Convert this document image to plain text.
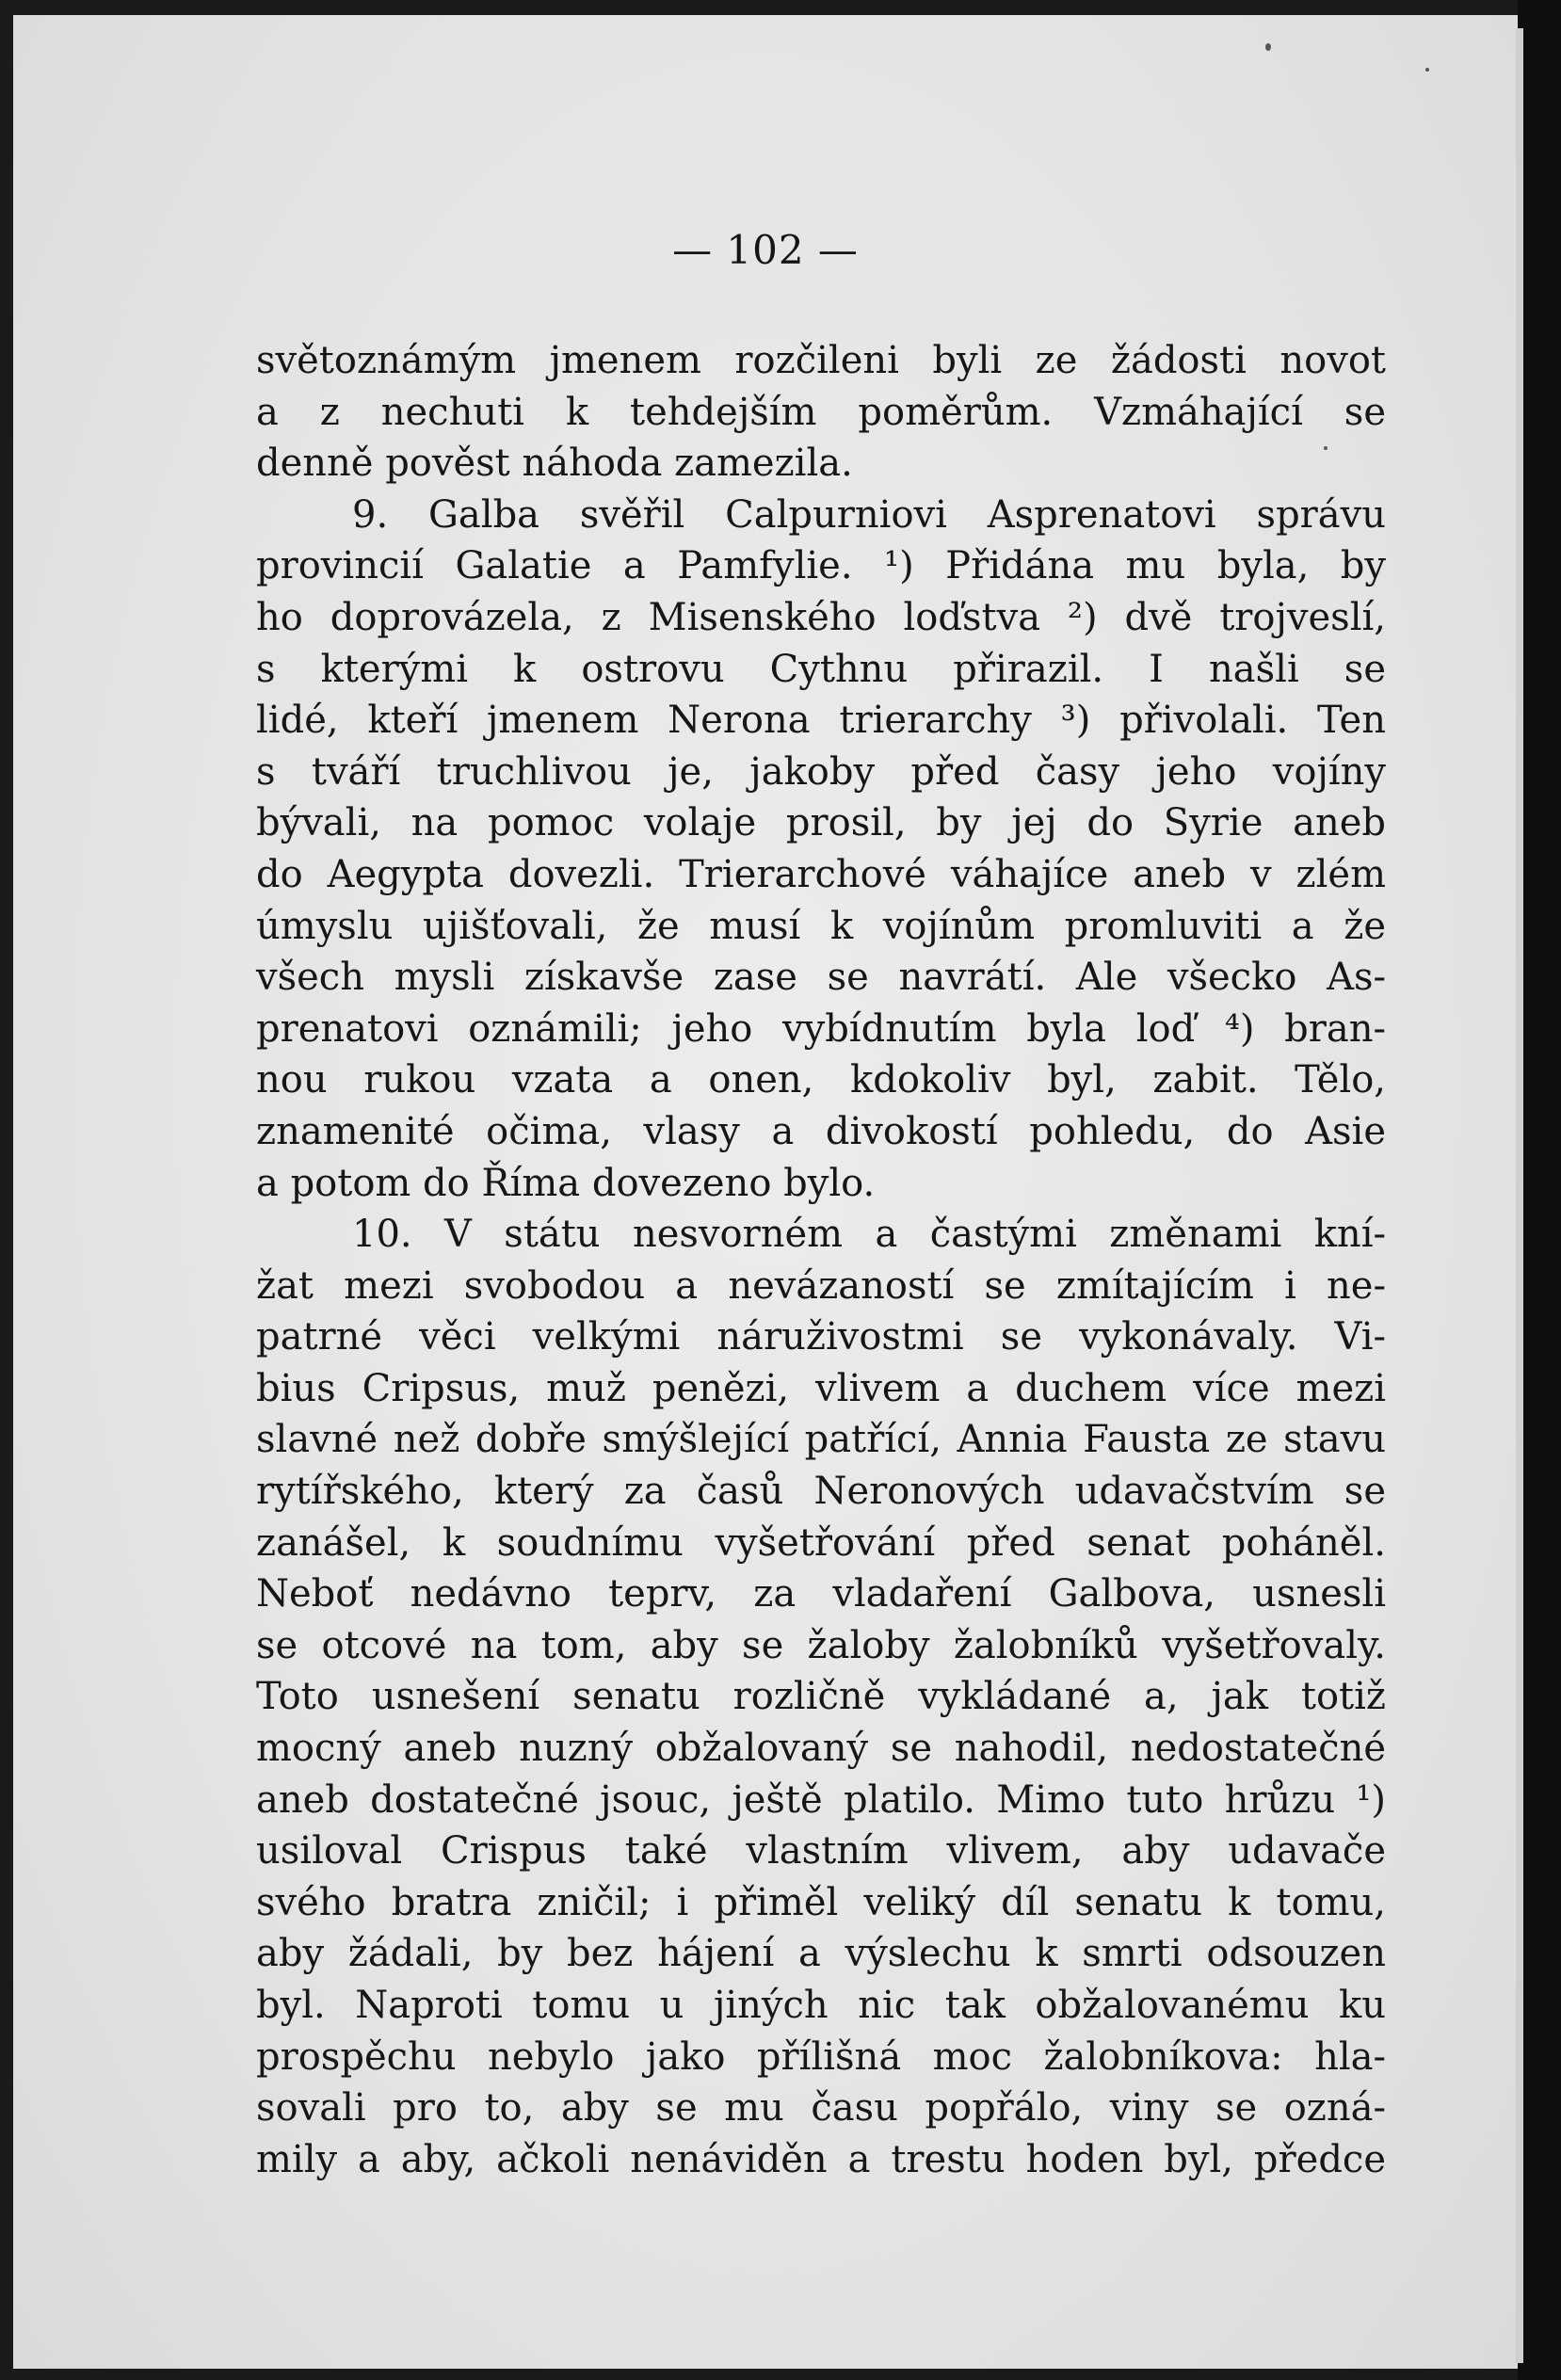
— 102 —
světoznámým jmenem rozčileni byli ze žádosti novot
a z nechuti k tehdejším poměrům. Vzmáhající se
denně pověst náhoda zamezila.
9. Galba svěřil Calpurniovi Asprenatovi správu
provincií Galatie a Pamfylie. ¹) Přidána mu byla, by
ho doprovázela, z Misenského loďstva ²) dvě trojveslí,
s kterými k ostrovu Cythnu přirazil. I našli se
lidé, kteří jmenem Nerona trierarchy ³) přivolali. Ten
s tváří truchlivou je, jakoby před časy jeho vojíny
bývali, na pomoc volaje prosil, by jej do Syrie aneb
do Aegypta dovezli. Trierarchové váhajíce aneb v zlém
úmyslu ujišťovali, že musí k vojínům promluviti a že
všech mysli získavše zase se navrátí. Ale všecko As-
prenatovi oznámili; jeho vybídnutím byla loď ⁴) bran-
nou rukou vzata a onen, kdokoliv byl, zabit. Tělo,
znamenité očima, vlasy a divokostí pohledu, do Asie
a potom do Říma dovezeno bylo.
10. V státu nesvorném a častými změnami kní-
žat mezi svobodou a nevázaností se zmítajícím i ne-
patrné věci velkými náruživostmi se vykonávaly. Vi-
bius Cripsus, muž penězi, vlivem a duchem více mezi
slavné než dobře smýšlející patřící, Annia Fausta ze stavu
rytířského, který za časů Neronových udavačstvím se
zanášel, k soudnímu vyšetřování před senat poháněl.
Neboť nedávno teprv, za vladaření Galbova, usnesli
se otcové na tom, aby se žaloby žalobníků vyšetřovaly.
Toto usnešení senatu rozličně vykládané a, jak totiž
mocný aneb nuzný obžalovaný se nahodil, nedostatečné
aneb dostatečné jsouc, ještě platilo. Mimo tuto hrůzu ¹)
usiloval Crispus také vlastním vlivem, aby udavače
svého bratra zničil; i přiměl veliký díl senatu k tomu,
aby žádali, by bez hájení a výslechu k smrti odsouzen
byl. Naproti tomu u jiných nic tak obžalovanému ku
prospěchu nebylo jako přílišná moc žalobníkova: hla-
sovali pro to, aby se mu času popřálo, viny se ozná-
mily a aby, ačkoli nenáviděn a trestu hoden byl, předce
